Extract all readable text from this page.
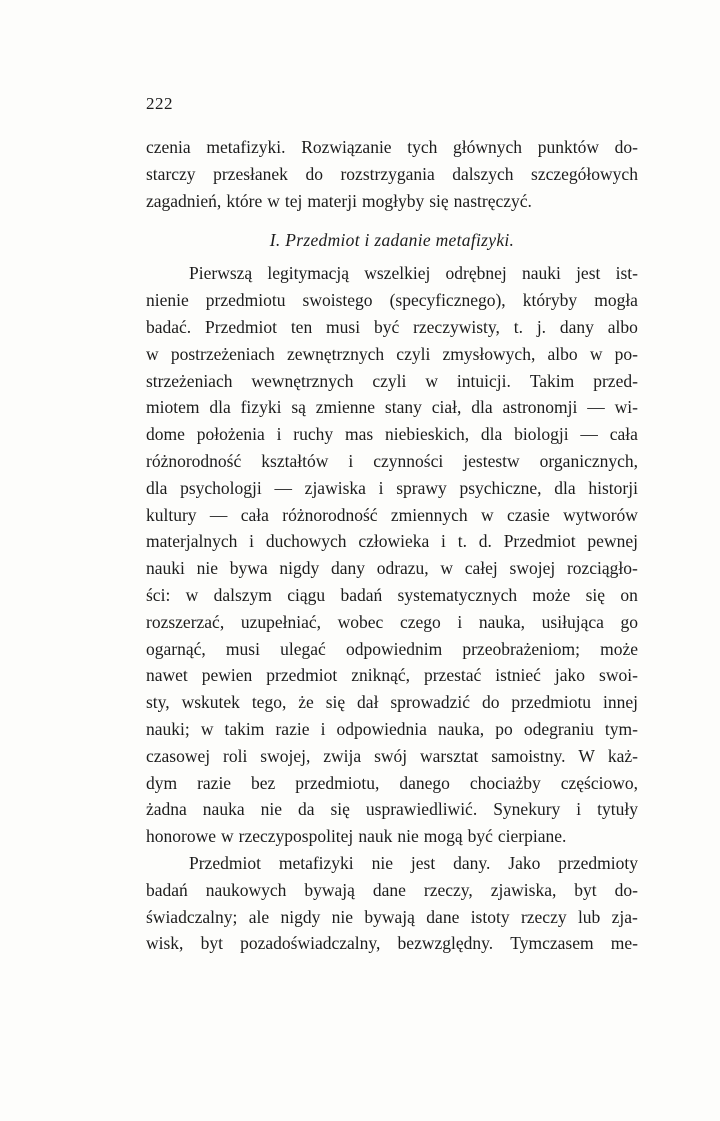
222
czenia metafizyki. Rozwiązanie tych głównych punktów do-
starczy przesłanek do rozstrzygania dalszych szczegółowych
zagadnień, które w tej materji mogłyby się nastręczyć.
I. Przedmiot i zadanie metafizyki.
Pierwszą legitymacją wszelkiej odrębnej nauki jest ist-
nienie przedmiotu swoistego (specyficznego), któryby mogła
badać. Przedmiot ten musi być rzeczywisty, t. j. dany albo
w postrzeżeniach zewnętrznych czyli zmysłowych, albo w po-
strzeżeniach wewnętrznych czyli w intuicji. Takim przed-
miotem dla fizyki są zmienne stany ciał, dla astronomji — wi-
dome położenia i ruchy mas niebieskich, dla biologji — cała
różnorodność kształtów i czynności jestestw organicznych,
dla psychologji — zjawiska i sprawy psychiczne, dla historji
kultury — cała różnorodność zmiennych w czasie wytworów
materjalnych i duchowych człowieka i t. d. Przedmiot pewnej
nauki nie bywa nigdy dany odrazu, w całej swojej rozciągło-
ści: w dalszym ciągu badań systematycznych może się on
rozszerzać, uzupełniać, wobec czego i nauka, usiłująca go
ogarnąć, musi ulegać odpowiednim przeobrażeniom; może
nawet pewien przedmiot zniknąć, przestać istnieć jako swoi-
sty, wskutek tego, że się dał sprowadzić do przedmiotu innej
nauki; w takim razie i odpowiednia nauka, po odegraniu tym-
czasowej roli swojej, zwija swój warsztat samoistny. W każ-
dym razie bez przedmiotu, danego chociażby częściowo,
żadna nauka nie da się usprawiedliwić. Synekury i tytuły
honorowe w rzeczypospolitej nauk nie mogą być cierpiane.
Przedmiot metafizyki nie jest dany. Jako przedmioty
badań naukowych bywają dane rzeczy, zjawiska, byt do-
świadczalny; ale nigdy nie bywają dane istoty rzeczy lub zja-
wisk, byt pozadoświadczalny, bezwzględny. Tymczasem me-
